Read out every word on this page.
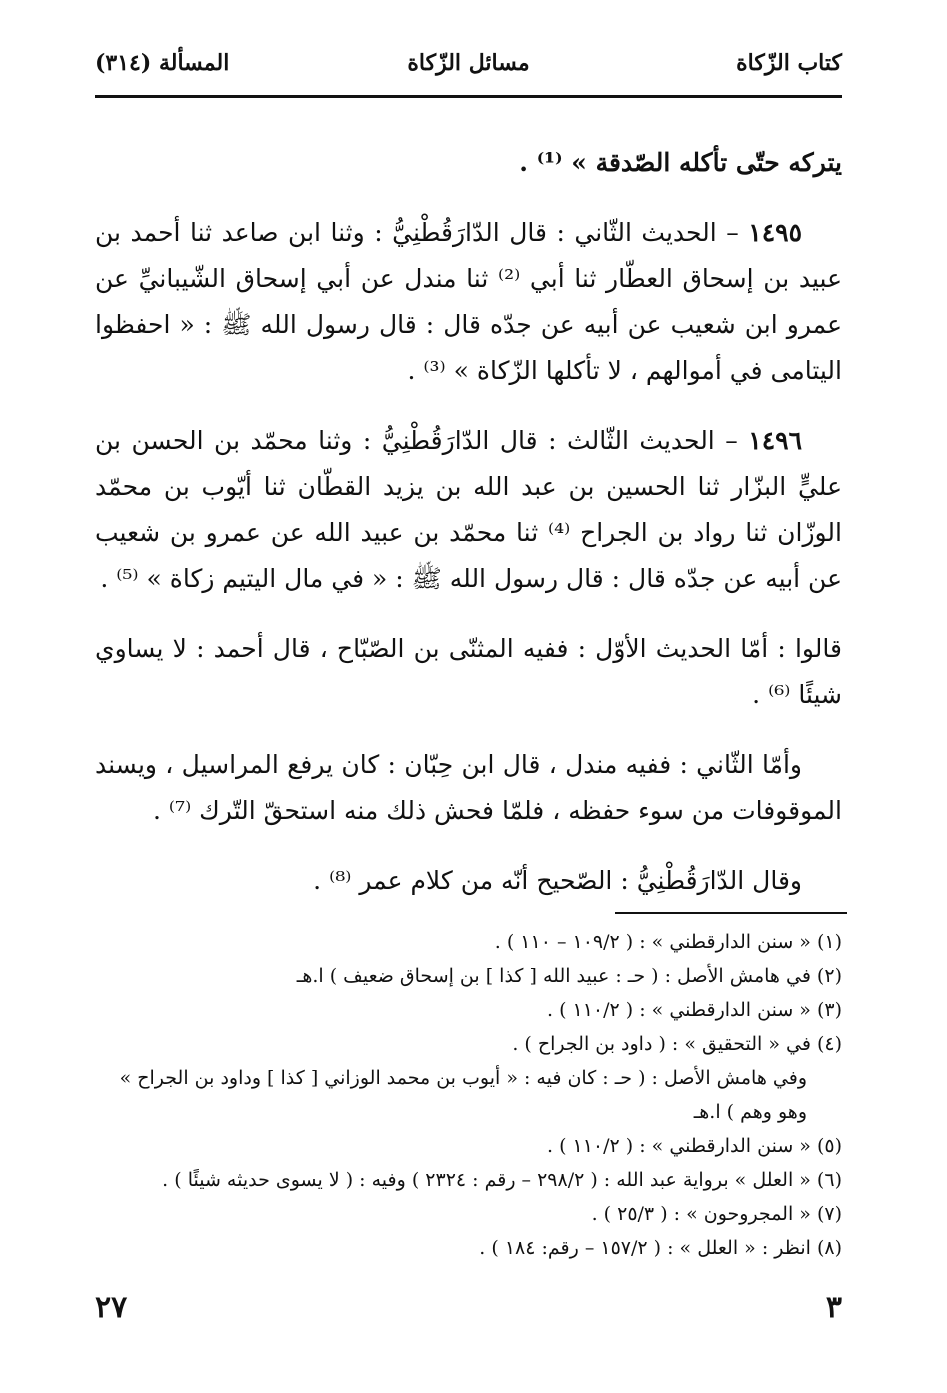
كتاب الزّكاة
مسائل الزّكاة
المسألة (٣١٤)

يتركه حتّى تأكله الصّدقة » ⁽¹⁾ .

١٤٩٥ – الحديث الثّاني : قال الدّارَقُطْنِيُّ : وثنا ابن صاعد ثنا أحمد بن عبيد بن إسحاق العطّار ثنا أبي ⁽²⁾ ثنا مندل عن أبي إسحاق الشّيبانيِّ عن عمرو ابن شعيب عن أبيه عن جدّه قال : قال رسول الله ﷺ : « احفظوا اليتامى في أموالهم ، لا تأكلها الزّكاة » ⁽³⁾ .

١٤٩٦ – الحديث الثّالث : قال الدّارَقُطْنِيُّ : وثنا محمّد بن الحسن بن عليٍّ البزّار ثنا الحسين بن عبد الله بن يزيد القطّان ثنا أيّوب بن محمّد الوزّان ثنا رواد بن الجراح ⁽⁴⁾ ثنا محمّد بن عبيد الله عن عمرو بن شعيب عن أبيه عن جدّه قال : قال رسول الله ﷺ : « في مال اليتيم زكاة » ⁽⁵⁾ .

قالوا : أمّا الحديث الأوّل : ففيه المثنّى بن الصّبّاح ، قال أحمد : لا يساوي شيئًا ⁽⁶⁾ .

وأمّا الثّاني : ففيه مندل ، قال ابن حِبّان : كان يرفع المراسيل ، ويسند الموقوفات من سوء حفظه ، فلمّا فحش ذلك منه استحقّ التّرك ⁽⁷⁾ .

وقال الدّارَقُطْنِيُّ : الصّحيح أنّه من كلام عمر ⁽⁸⁾ .

(١) « سنن الدارقطني » : ( ١٠٩/٢ – ١١٠ ) .

(٢) في هامش الأصل : ( حـ : عبيد الله [ كذا ] بن إسحاق ضعيف ) ا.هـ

(٣) « سنن الدارقطني » : ( ١١٠/٢ ) .

(٤) في « التحقيق » : ( داود بن الجراح ) .

وفي هامش الأصل : ( حـ : كان فيه : « أيوب بن محمد الوزاني [ كذا ] وداود بن الجراح » وهو وهم ) ا.هـ

(٥) « سنن الدارقطني » : ( ١١٠/٢ ) .

(٦) « العلل » برواية عبد الله : ( ٢٩٨/٢ – رقم : ٢٣٢٤ ) وفيه : ( لا يسوى حديثه شيئًا ) .

(٧) « المجروحون » : ( ٢٥/٣ ) .

(٨) انظر : « العلل » : ( ١٥٧/٢ – رقم: ١٨٤ ) .

٣
٢٧
